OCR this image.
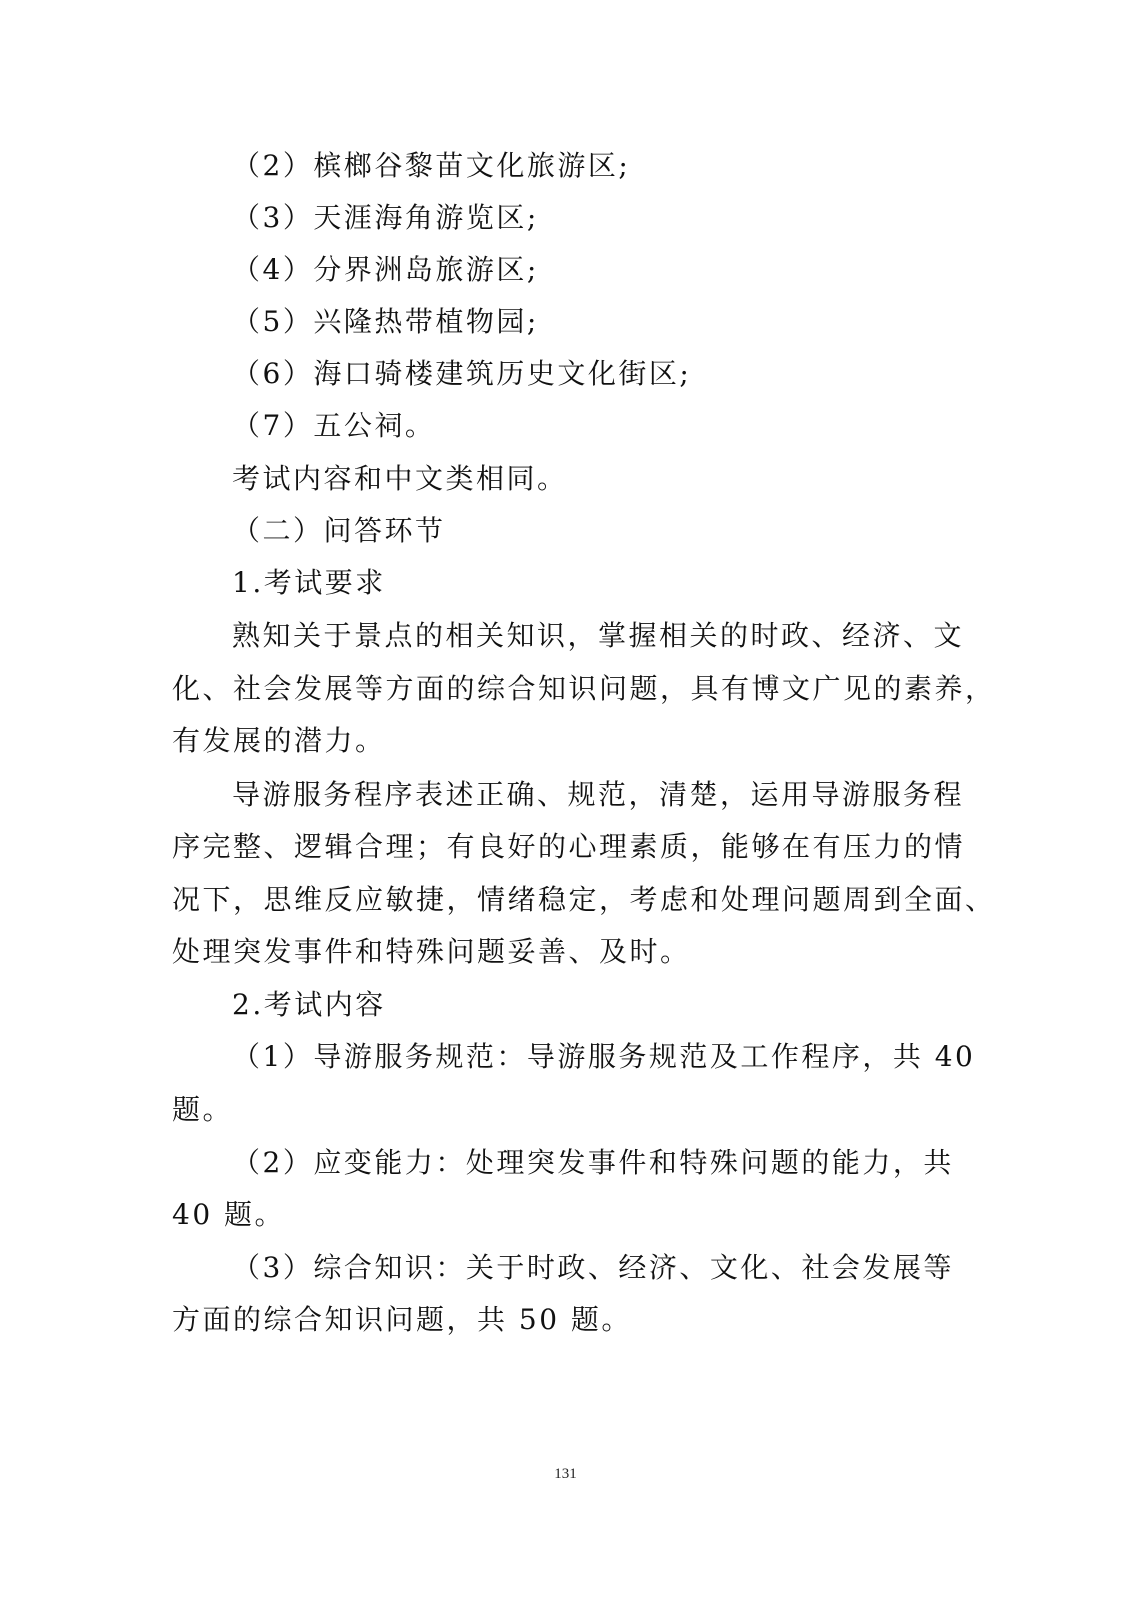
（2）槟榔谷黎苗文化旅游区;
（3）天涯海角游览区;
（4）分界洲岛旅游区;
（5）兴隆热带植物园;
（6）海口骑楼建筑历史文化街区;
（7）五公祠。
考试内容和中文类相同。
（二）问答环节
1.考试要求
熟知关于景点的相关知识，掌握相关的时政、经济、文
化、社会发展等方面的综合知识问题，具有博文广见的素养，
有发展的潜力。
导游服务程序表述正确、规范，清楚，运用导游服务程
序完整、逻辑合理；有良好的心理素质，能够在有压力的情
况下，思维反应敏捷，情绪稳定，考虑和处理问题周到全面、
处理突发事件和特殊问题妥善、及时。
2.考试内容
（1）导游服务规范：导游服务规范及工作程序，共 40
题。
（2）应变能力：处理突发事件和特殊问题的能力，共
40 题。
（3）综合知识：关于时政、经济、文化、社会发展等
方面的综合知识问题，共 50 题。
131
